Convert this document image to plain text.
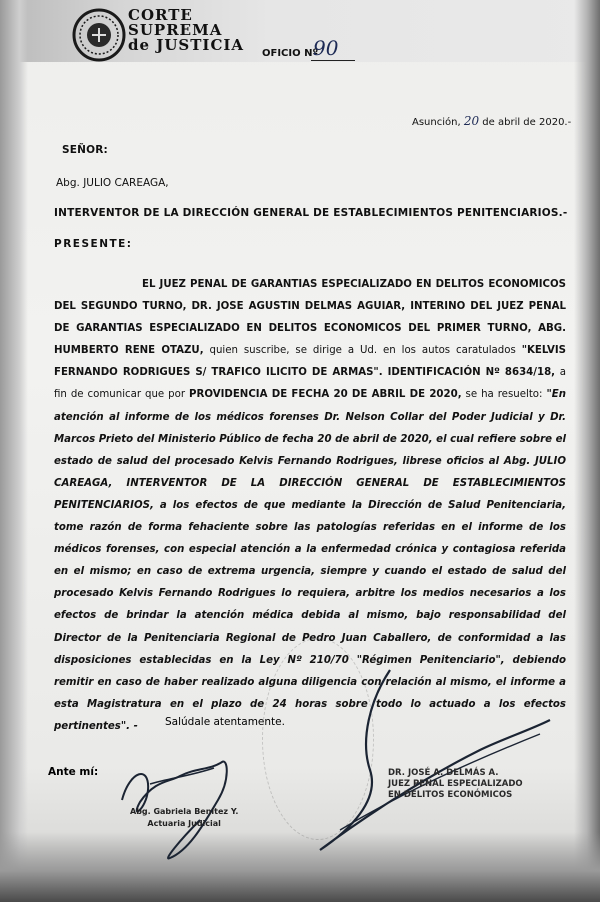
CORTE
SUPREMA
de JUSTICIA OFICIO Nº
90
Asunción, 20 de abril de 2020.-
SEÑOR:
Abg. JULIO CAREAGA,
INTERVENTOR DE LA DIRECCIÓN GENERAL DE ESTABLECIMIENTOS PENITENCIARIOS.-
PRESENTE:
EL JUEZ PENAL DE GARANTIAS ESPECIALIZADO EN DELITOS ECONOMICOS DEL SEGUNDO TURNO, DR. JOSE AGUSTIN DELMAS AGUIAR, INTERINO DEL JUEZ PENAL DE GARANTIAS ESPECIALIZADO EN DELITOS ECONOMICOS DEL PRIMER TURNO, ABG. HUMBERTO RENE OTAZU, quien suscribe, se dirige a Ud. en los autos caratulados "KELVIS FERNANDO RODRIGUES S/ TRAFICO ILICITO DE ARMAS". IDENTIFICACIÓN Nº 8634/18, a fin de comunicar que por PROVIDENCIA DE FECHA 20 DE ABRIL DE 2020, se ha resuelto: "En atención al informe de los médicos forenses Dr. Nelson Collar del Poder Judicial y Dr. Marcos Prieto del Ministerio Público de fecha 20 de abril de 2020, el cual refiere sobre el estado de salud del procesado Kelvis Fernando Rodrigues, librese oficios al Abg. JULIO CAREAGA, INTERVENTOR DE LA DIRECCIÓN GENERAL DE ESTABLECIMIENTOS PENITENCIARIOS, a los efectos de que mediante la Dirección de Salud Penitenciaria, tome razón de forma fehaciente sobre las patologías referidas en el informe de los médicos forenses, con especial atención a la enfermedad crónica y contagiosa referida en el mismo; en caso de extrema urgencia, siempre y cuando el estado de salud del procesado Kelvis Fernando Rodrigues lo requiera, arbitre los medios necesarios a los efectos de brindar la atención médica debida al mismo, bajo responsabilidad del Director de la Penitenciaria Regional de Pedro Juan Caballero, de conformidad a las disposiciones establecidas en la Ley Nº 210/70 "Régimen Penitenciario", debiendo remitir en caso de haber realizado alguna diligencia con relación al mismo, el informe a esta Magistratura en el plazo de 24 horas sobre todo lo actuado a los efectos pertinentes". -	Salúdale atentamente.
Ante mí:
Abg. Gabriela Benítez Y.
Actuaria Judicial
DR. JOSÉ A. DELMÁS A.
JUEZ PENAL ESPECIALIZADO
EN DELITOS ECONÓMICOS
